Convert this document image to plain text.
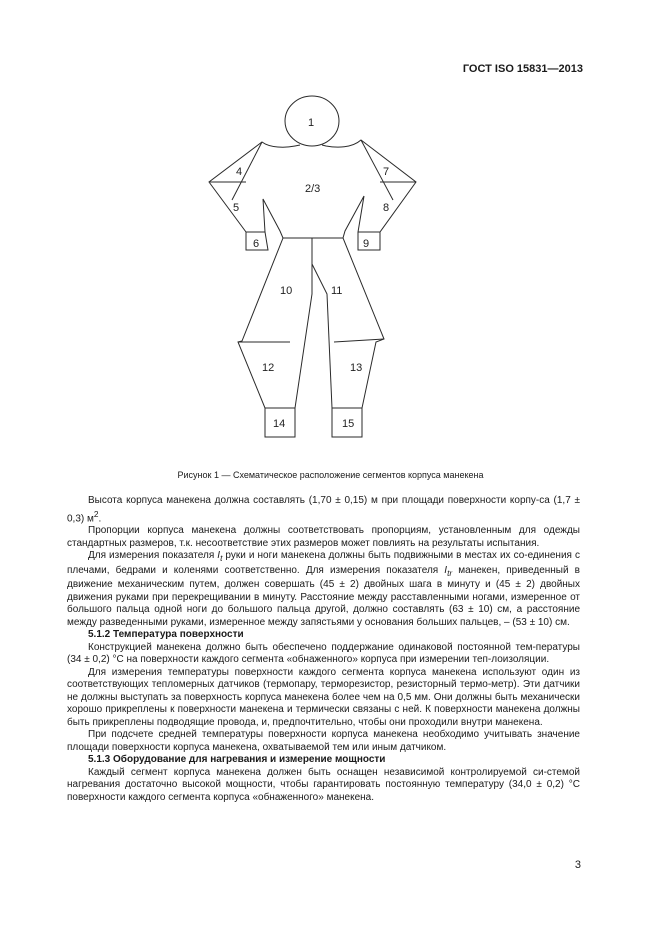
ГОСТ ISO 15831—2013
1
2/3
4
5
6
7
8
9
10	11
12	13
14	15
Рисунок 1 — Схематическое расположение сегментов корпуса манекена

Высота корпуса манекена должна составлять (1,70 ± 0,15) м при площади поверхности корпу-са (1,7 ± 0,3) $м^2$.

Пропорции корпуса манекена должны соответствовать пропорциям, установленным для одежды стандартных размеров, т.к. несоответствие этих размеров может повлиять на результаты испытания.

Для измерения показателя $I_t$ руки и ноги манекена должны быть подвижными в местах их со-единения с плечами, бедрами и коленями соответственно. Для измерения показателя $I_{tr}$ манекен, приведенный в движение механическим путем, должен совершать (45 ± 2) двойных шага в минуту и (45 ± 2) двойных движения руками при перекрещивании в минуту. Расстояние между расставленными ногами, измеренное от большого пальца одной ноги до большого пальца другой, должно составлять (63 ± 10) см, а расстояние между разведенными руками, измеренное между запястьями у основания больших пальцев, – (53 ± 10) см.

5.1.2 Температура поверхности

Конструкцией манекена должно быть обеспечено поддержание одинаковой постоянной тем-пературы (34 ± 0,2) °C на поверхности каждого сегмента «обнаженного» корпуса при измерении теп-лоизоляции.

Для измерения температуры поверхности каждого сегмента корпуса манекена используют один из соответствующих тепломерных датчиков (термопару, терморезистор, резисторный термо-метр). Эти датчики не должны выступать за поверхность корпуса манекена более чем на 0,5 мм. Они должны быть механически хорошо прикреплены к поверхности манекена и термически связаны с ней. К поверхности манекена должны быть прикреплены подводящие провода, и, предпочтительно, чтобы они проходили внутри манекена.

При подсчете средней температуры поверхности корпуса манекена необходимо учитывать значение площади поверхности корпуса манекена, охватываемой тем или иным датчиком.

5.1.3 Оборудование для нагревания и измерение мощности

Каждый сегмент корпуса манекена должен быть оснащен независимой контролируемой си-стемой нагревания достаточно высокой мощности, чтобы гарантировать постоянную температуру (34,0 ± 0,2) °C поверхности каждого сегмента корпуса «обнаженного» манекена.

3
